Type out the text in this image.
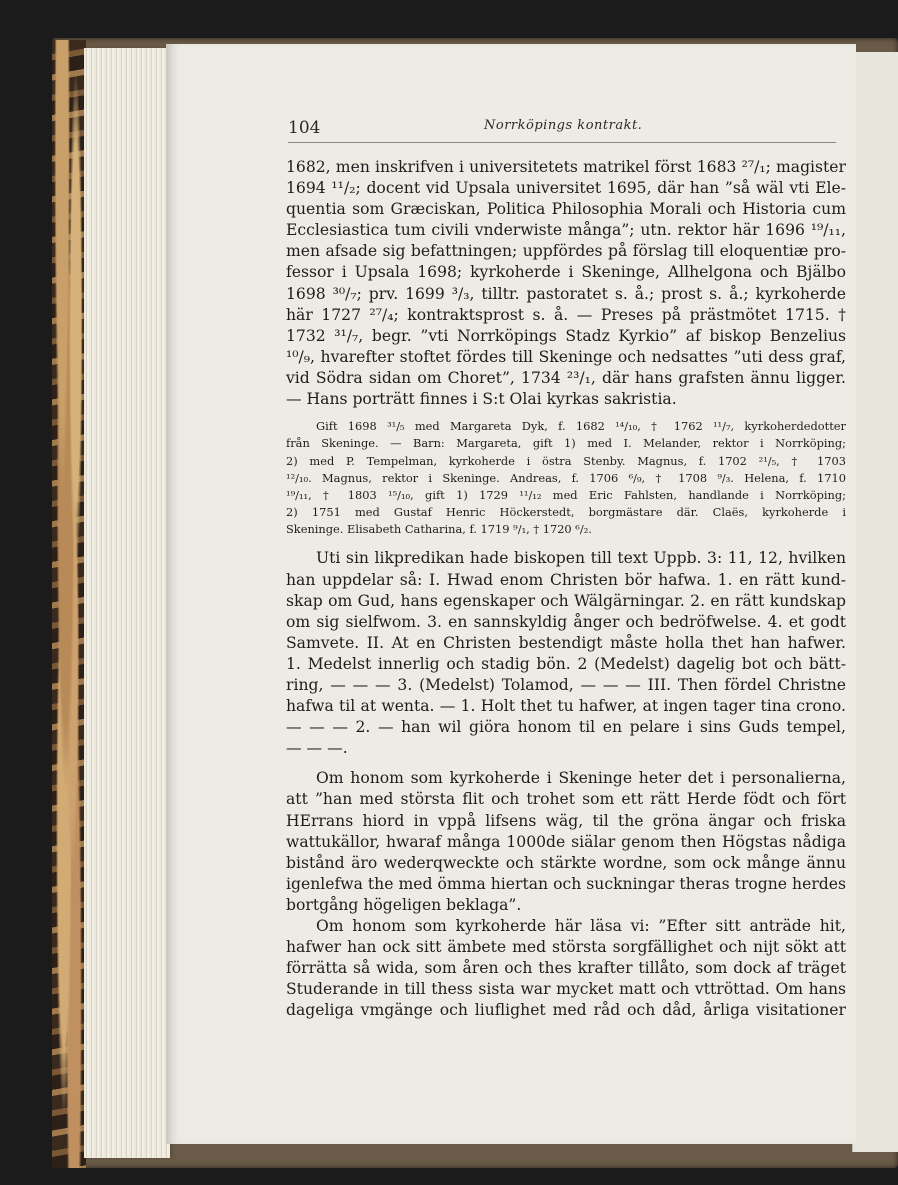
104	Norrköpings kontrakt.
1682, men inskrifven i universitetets matrikel först 1683 ²⁷/₁; magister
1694 ¹¹/₂; docent vid Upsala universitet 1695, där han ”så wäl vti Ele-
quentia som Græciskan, Politica Philosophia Morali och Historia cum
Ecclesiastica tum civili vnderwiste många”; utn. rektor här 1696 ¹⁹/₁₁,
men afsade sig befattningen; uppfördes på förslag till eloquentiæ pro-
fessor i Upsala 1698; kyrkoherde i Skeninge, Allhelgona och Bjälbo
1698 ³⁰/₇; prv. 1699 ³/₃, tilltr. pastoratet s. å.; prost s. å.; kyrkoherde
här 1727 ²⁷/₄; kontraktsprost s. å. — Preses på prästmötet 1715. †
1732 ³¹/₇, begr. ”vti Norrköpings Stadz Kyrkio” af biskop Benzelius
¹⁰/₉, hvarefter stoftet fördes till Skeninge och nedsattes ”uti dess graf,
vid Södra sidan om Choret”, 1734 ²³/₁, där hans grafsten ännu ligger.
— Hans porträtt finnes i S:t Olai kyrkas sakristia.
Gift 1698 ³¹/₅ med Margareta Dyk, f. 1682 ¹⁴/₁₀, † 1762 ¹¹/₇, kyrkoherdedotter
från Skeninge. — Barn: Margareta, gift 1) med I. Melander, rektor i Norrköping;
2) med P. Tempelman, kyrkoherde i östra Stenby. Magnus, f. 1702 ²¹/₅, † 1703
¹²/₁₀. Magnus, rektor i Skeninge. Andreas, f. 1706 ⁶/₉, † 1708 ⁹/₃. Helena, f. 1710
¹⁹/₁₁, † 1803 ¹⁵/₁₀, gift 1) 1729 ¹¹/₁₂ med Eric Fahlsten, handlande i Norrköping;
2) 1751 med Gustaf Henric Höckerstedt, borgmästare där. Claës, kyrkoherde i
Skeninge. Elisabeth Catharina, f. 1719 ⁹/₁, † 1720 ⁶/₂.
Uti sin likpredikan hade biskopen till text Uppb. 3: 11, 12, hvilken
han uppdelar så: I. Hwad enom Christen bör hafwa. 1. en rätt kund-
skap om Gud, hans egenskaper och Wälgärningar. 2. en rätt kundskap
om sig sielfwom. 3. en sannskyldig ånger och bedröfwelse. 4. et godt
Samvete. II. At en Christen bestendigt måste holla thet han hafwer.
1. Medelst innerlig och stadig bön. 2 (Medelst) dagelig bot och bätt-
ring, — — — 3. (Medelst) Tolamod, — — — III. Then fördel Christne
hafwa til at wenta. — 1. Holt thet tu hafwer, at ingen tager tina crono.
— — — 2. — han wil giöra honom til en pelare i sins Guds tempel,
— — —.
Om honom som kyrkoherde i Skeninge heter det i personalierna,
att ”han med största flit och trohet som ett rätt Herde födt och fört
HErrans hiord in vppå lifsens wäg, til the gröna ängar och friska
wattukällor, hwaraf många 1000de siälar genom then Högstas nådiga
bistånd äro wederqweckte och stärkte wordne, som ock månge ännu
igenlefwa the med ömma hiertan och suckningar theras trogne herdes
bortgång högeligen beklaga”.
Om honom som kyrkoherde här läsa vi: ”Efter sitt anträde hit,
hafwer han ock sitt ämbete med största sorgfällighet och nijt sökt att
förrätta så wida, som åren och thes krafter tillåto, som dock af träget
Studerande in till thess sista war mycket matt och vttröttad. Om hans
dageliga vmgänge och liuflighet med råd och dåd, årliga visitationer
